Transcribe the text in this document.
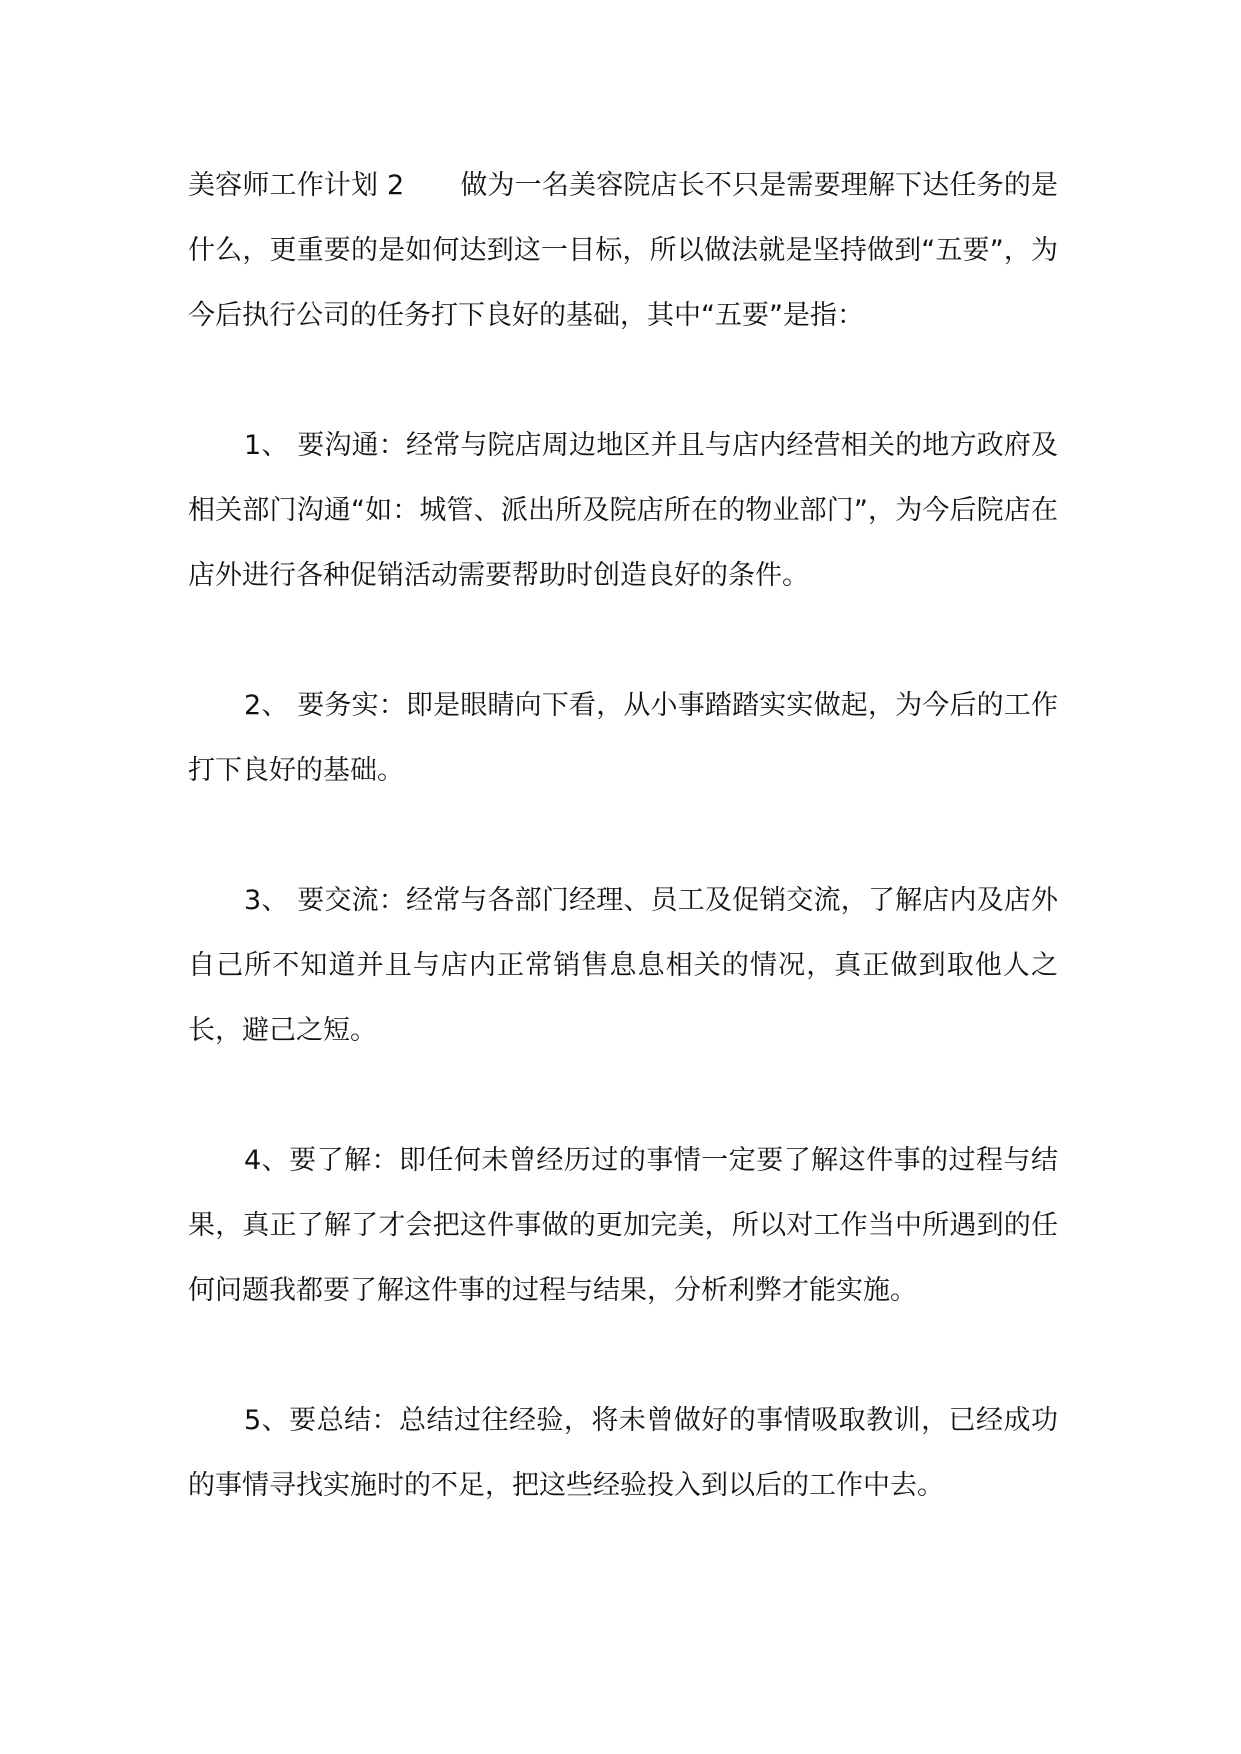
美容师工作计划 2 做为一名美容院店长不只是需要理解下达任务的是什么，更重要的是如何达到这一目标，所以做法就是坚持做到“五要”，为今后执行公司的任务打下良好的基础，其中“五要”是指：

1、 要沟通：经常与院店周边地区并且与店内经营相关的地方政府及相关部门沟通“如：城管、派出所及院店所在的物业部门”，为今后院店在店外进行各种促销活动需要帮助时创造良好的条件。

2、 要务实：即是眼睛向下看，从小事踏踏实实做起，为今后的工作打下良好的基础。

3、 要交流：经常与各部门经理、员工及促销交流，了解店内及店外自己所不知道并且与店内正常销售息息相关的情况，真正做到取他人之长，避己之短。

4、要了解：即任何未曾经历过的事情一定要了解这件事的过程与结果，真正了解了才会把这件事做的更加完美，所以对工作当中所遇到的任何问题我都要了解这件事的过程与结果，分析利弊才能实施。

5、要总结：总结过往经验，将未曾做好的事情吸取教训，已经成功的事情寻找实施时的不足，把这些经验投入到以后的工作中去。
